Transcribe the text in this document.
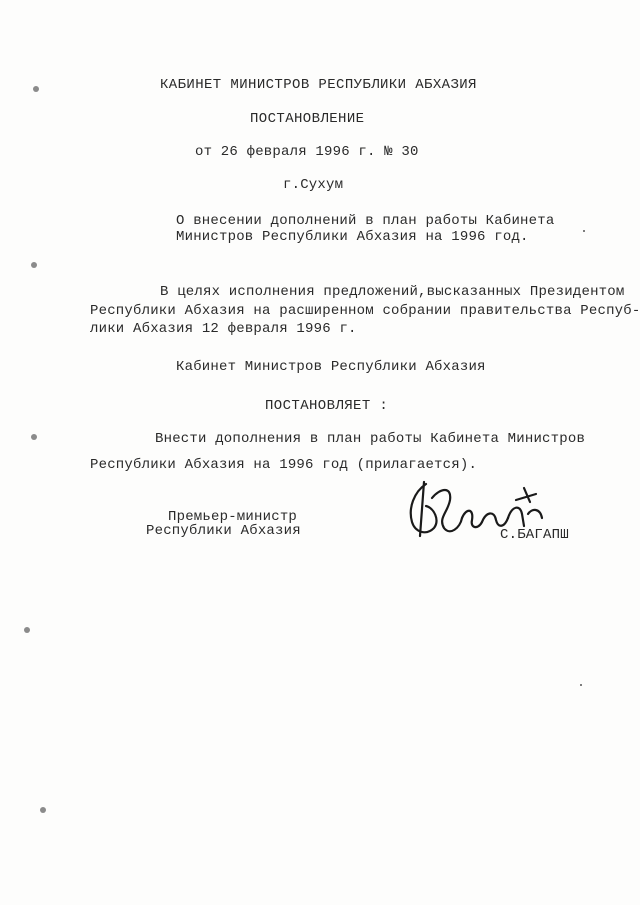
КАБИНЕТ МИНИСТРОВ РЕСПУБЛИКИ АБХАЗИЯ
ПОСТАНОВЛЕНИЕ
от 26 февраля 1996 г. № 30
г.Сухум
О внесении дополнений в план работы Кабинета
Министров Республики Абхазия на 1996 год.
В целях исполнения предложений,высказанных Президентом
Республики Абхазия на расширенном собрании правительства Респуб-
лики Абхазия 12 февраля 1996 г.
Кабинет Министров Республики Абхазия
ПОСТАНОВЛЯЕТ :
Внести дополнения в план работы Кабинета Министров
Республики Абхазия на 1996 год (прилагается).
Премьер-министр
Республики Абхазия	С.БАГАПШ
